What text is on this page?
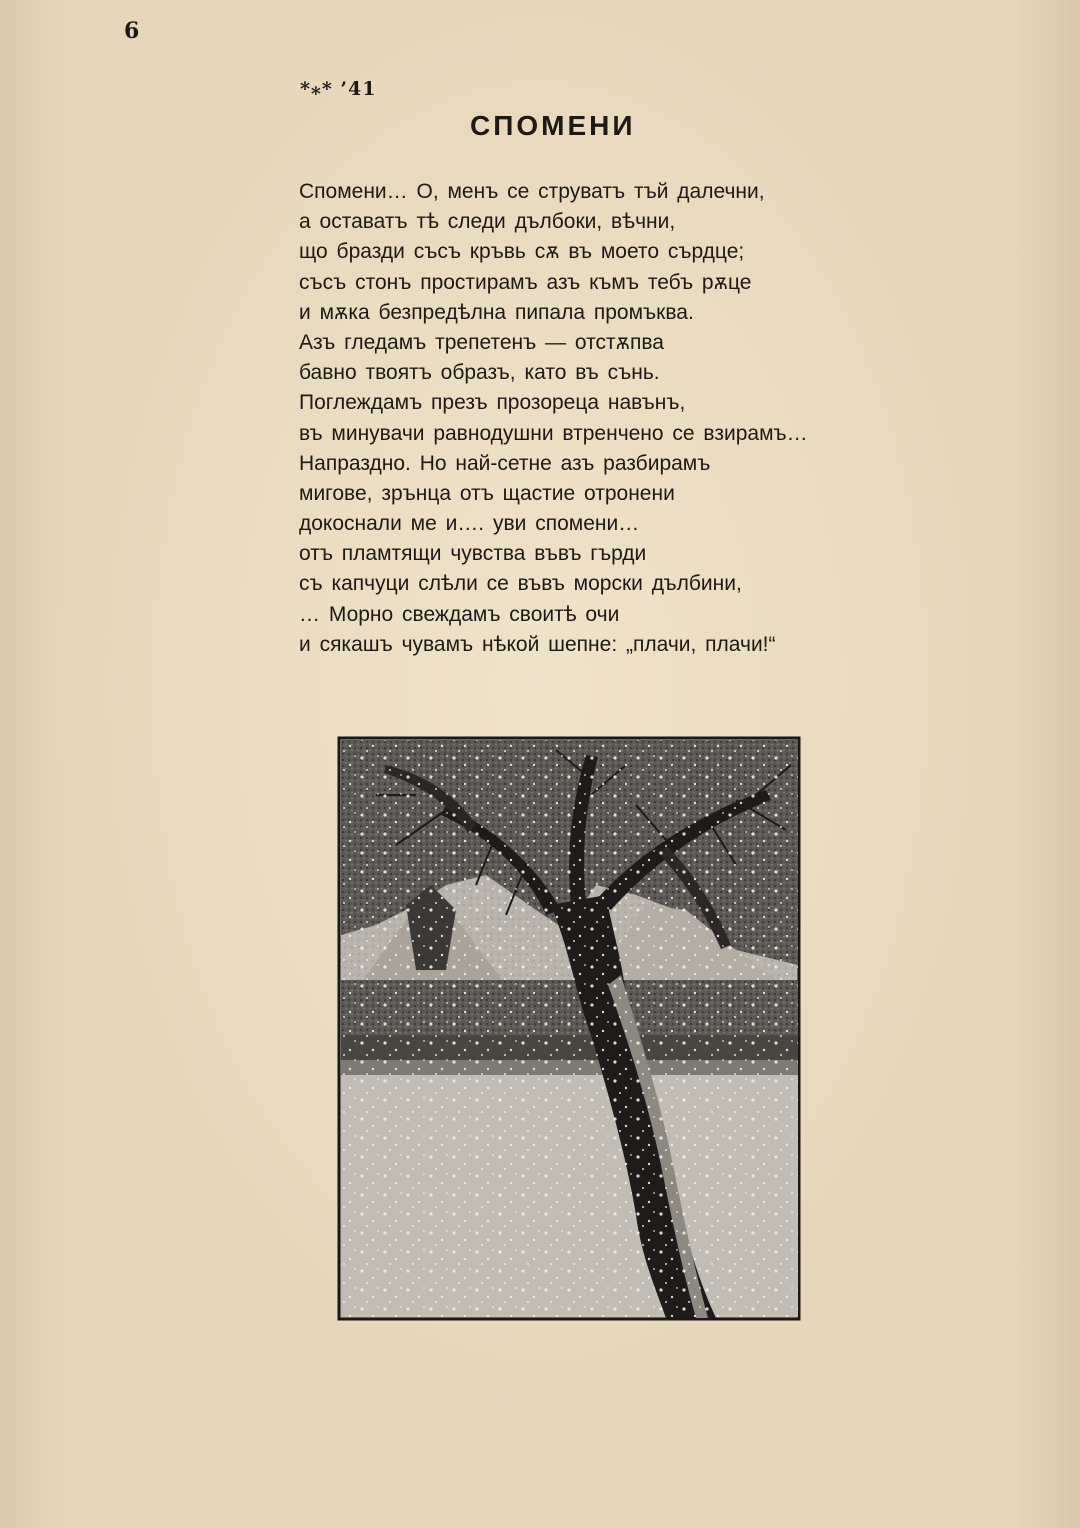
6
*⁎* ’41
СПОМЕНИ
Спомени… О, менъ се струватъ тъй далечни,
а оставатъ тѣ следи дълбоки, вѣчни,
що бразди съсъ кръвь сѫ въ моето сърдце;
съсъ стонъ простирамъ азъ къмъ тебъ рѫце
и мѫка безпредѣлна пипала промъква.
Азъ гледамъ трепетенъ — отстѫпва
бавно твоятъ образъ, като въ сънь.
Поглеждамъ презъ прозореца навънъ,
въ минувачи равнодушни втренчено се взирамъ…
Напраздно. Но най-сетне азъ разбирамъ
мигове, зрънца отъ щастие отронени
докоснали ме и…. уви спомени…
отъ пламтящи чувства въвъ гърди
съ капчуци слѣли се въвъ морски дълбини,
… Морно свеждамъ своитѣ очи
и сякашъ чувамъ нѣкой шепне: „плачи, плачи!“
